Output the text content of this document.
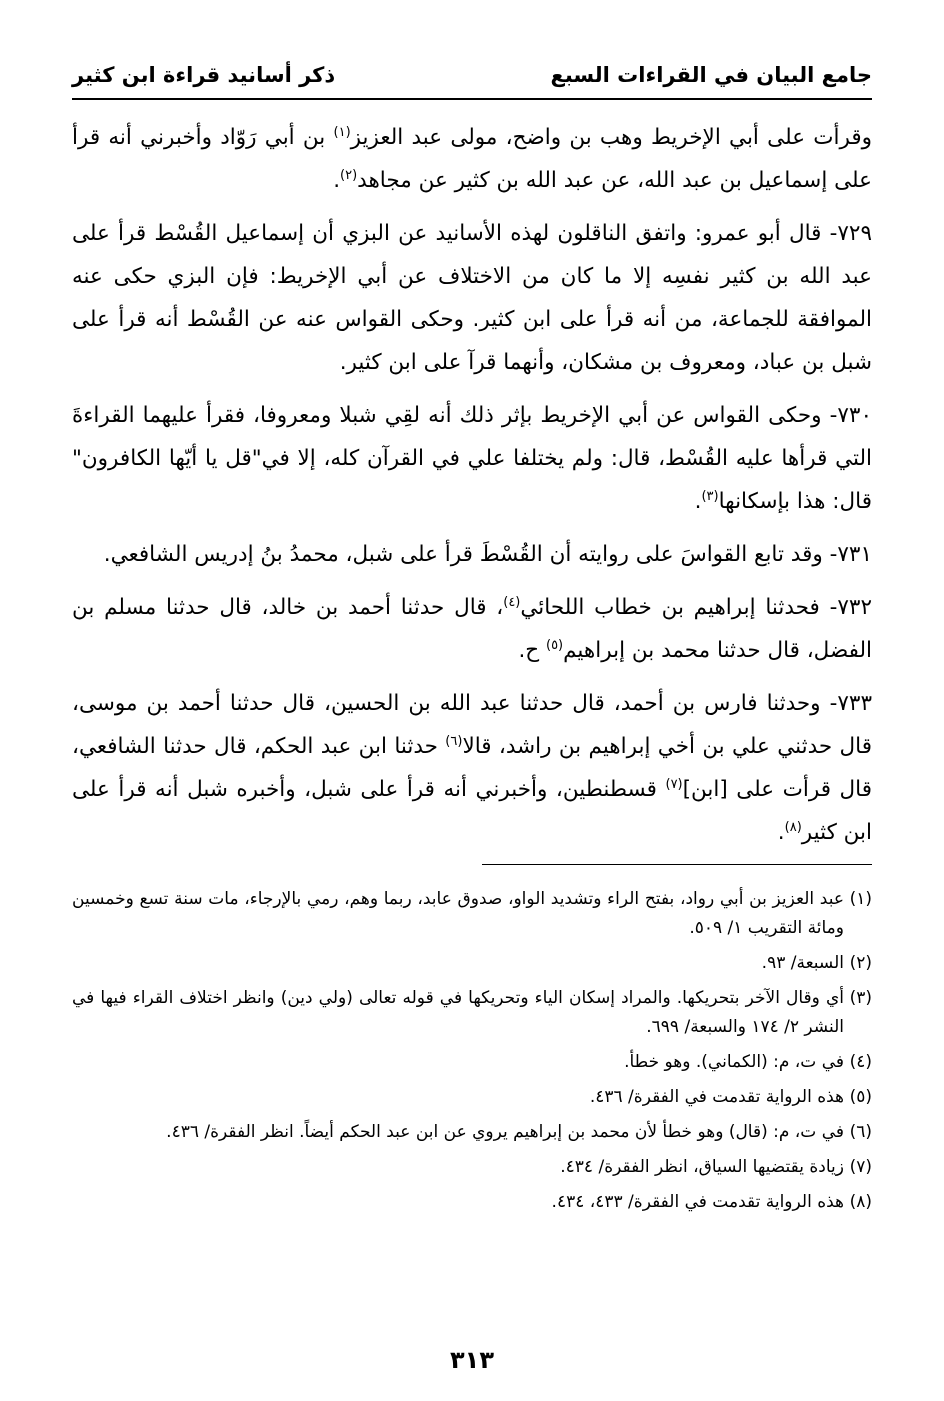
جامع البيان في القراءات السبع
ذكر أسانيد قراءة ابن كثير

وقرأت على أبي الإخريط وهب بن واضح، مولى عبد العزيز$^{(١)}$ بن أبي رَوّاد وأخبرني أنه قرأ على إسماعيل بن عبد الله، عن عبد الله بن كثير عن مجاهد$^{(٢)}$.

٧٢٩- قال أبو عمرو: واتفق الناقلون لهذه الأسانيد عن البزي أن إسماعيل القُسْط قرأ على عبد الله بن كثير نفسِه إلا ما كان من الاختلاف عن أبي الإخريط: فإن البزي حكى عنه الموافقة للجماعة، من أنه قرأ على ابن كثير. وحكى القواس عنه عن القُسْط أنه قرأ على شبل بن عباد، ومعروف بن مشكان، وأنهما قرآ على ابن كثير.

٧٣٠- وحكى القواس عن أبي الإخريط بإثر ذلك أنه لقِي شبلا ومعروفا، فقرأ عليهما القراءةَ التي قرأها عليه القُسْط، قال: ولم يختلفا علي في القرآن كله، إلا في"قل يا أيّها الكافرون" قال: هذا بإسكانها$^{(٣)}$.

٧٣١- وقد تابع القواسَ على روايته أن القُسْطَ قرأ على شبل، محمدُ بنُ إدريس الشافعي.

٧٣٢- فحدثنا إبراهيم بن خطاب اللحائي$^{(٤)}$، قال حدثنا أحمد بن خالد، قال حدثنا مسلم بن الفضل، قال حدثنا محمد بن إبراهيم$^{(٥)}$ ح.

٧٣٣- وحدثنا فارس بن أحمد، قال حدثنا عبد الله بن الحسين، قال حدثنا أحمد بن موسى، قال حدثني علي بن أخي إبراهيم بن راشد، قالا$^{(٦)}$ حدثنا ابن عبد الحكم، قال حدثنا الشافعي، قال قرأت على [ابن]$^{(٧)}$ قسطنطين، وأخبرني أنه قرأ على شبل، وأخبره شبل أنه قرأ على ابن كثير$^{(٨)}$.

(١)
عبد العزيز بن أبي رواد، بفتح الراء وتشديد الواو، صدوق عابد، ربما وهم، رمي بالإرجاء، مات سنة تسع وخمسين ومائة التقريب ١/ ٥٠٩.
(٢)
السبعة/ ٩٣.
(٣)
أي وقال الآخر بتحريكها. والمراد إسكان الياء وتحريكها في قوله تعالى (ولي دين) وانظر اختلاف القراء فيها في النشر ٢/ ١٧٤ والسبعة/ ٦٩٩.
(٤)
في ت، م: (الكماني). وهو خطأ.
(٥)
هذه الرواية تقدمت في الفقرة/ ٤٣٦.
(٦)
في ت، م: (قال) وهو خطأ لأن محمد بن إبراهيم يروي عن ابن عبد الحكم أيضاً. انظر الفقرة/ ٤٣٦.
(٧)
زيادة يقتضيها السياق، انظر الفقرة/ ٤٣٤.
(٨)
هذه الرواية تقدمت في الفقرة/ ٤٣٣، ٤٣٤.
٣١٣
